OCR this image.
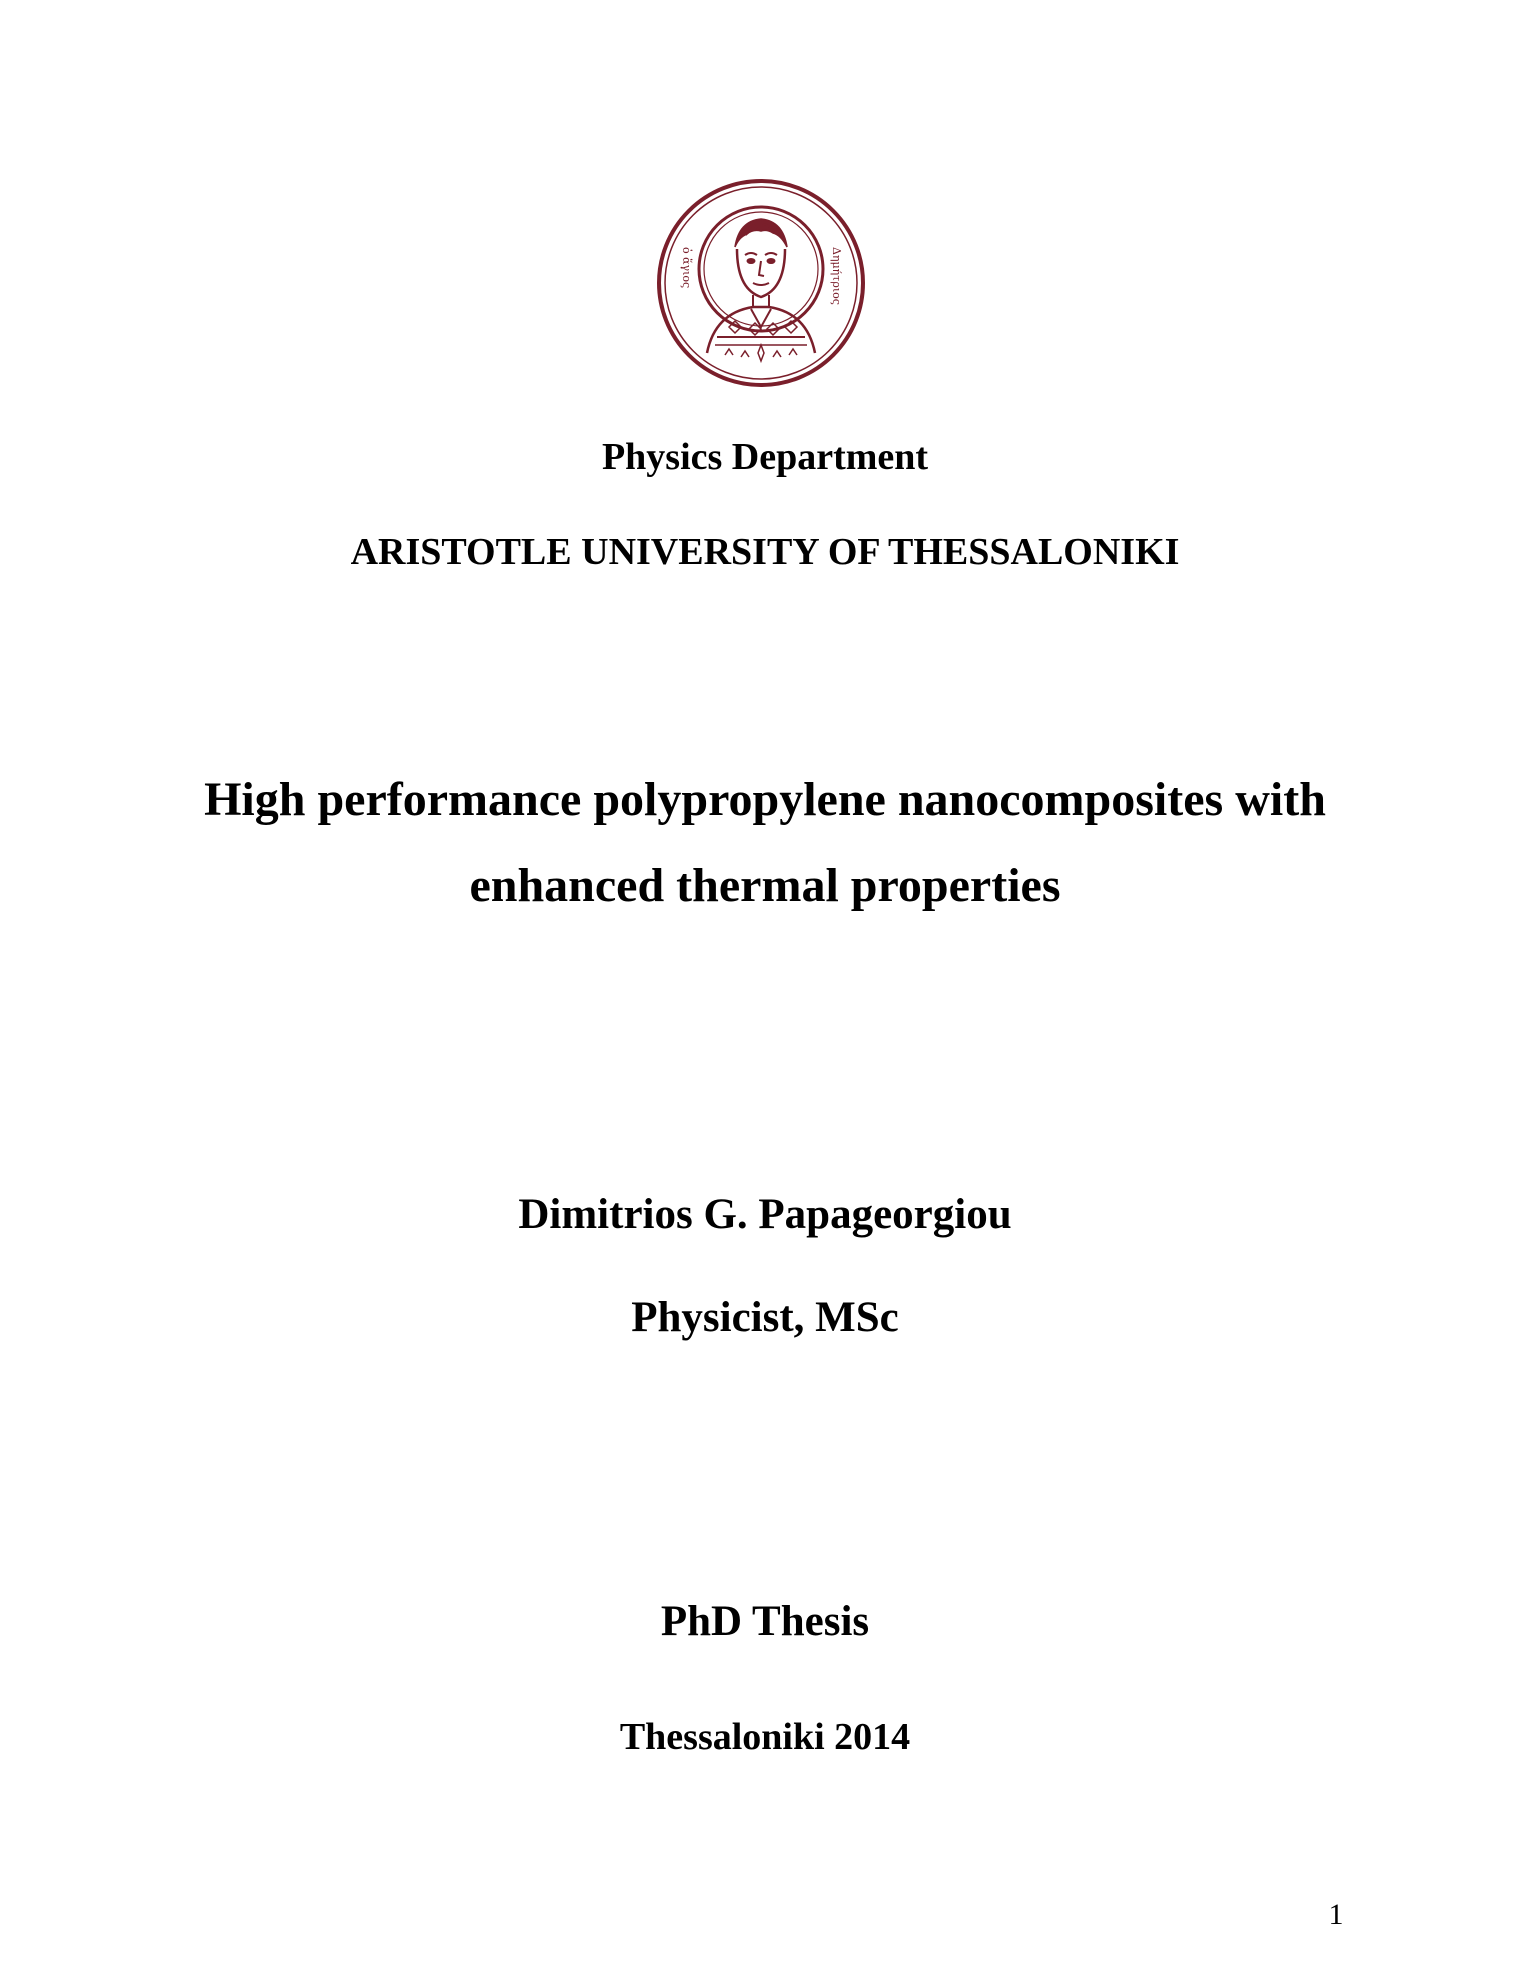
ὁ ἅγιος	Δημήτριος
Physics Department
ARISTOTLE UNIVERSITY OF THESSALONIKI
High performance polypropylene nanocomposites with
enhanced thermal properties
Dimitrios G. Papageorgiou
Physicist, MSc
PhD Thesis
Thessaloniki 2014
1
